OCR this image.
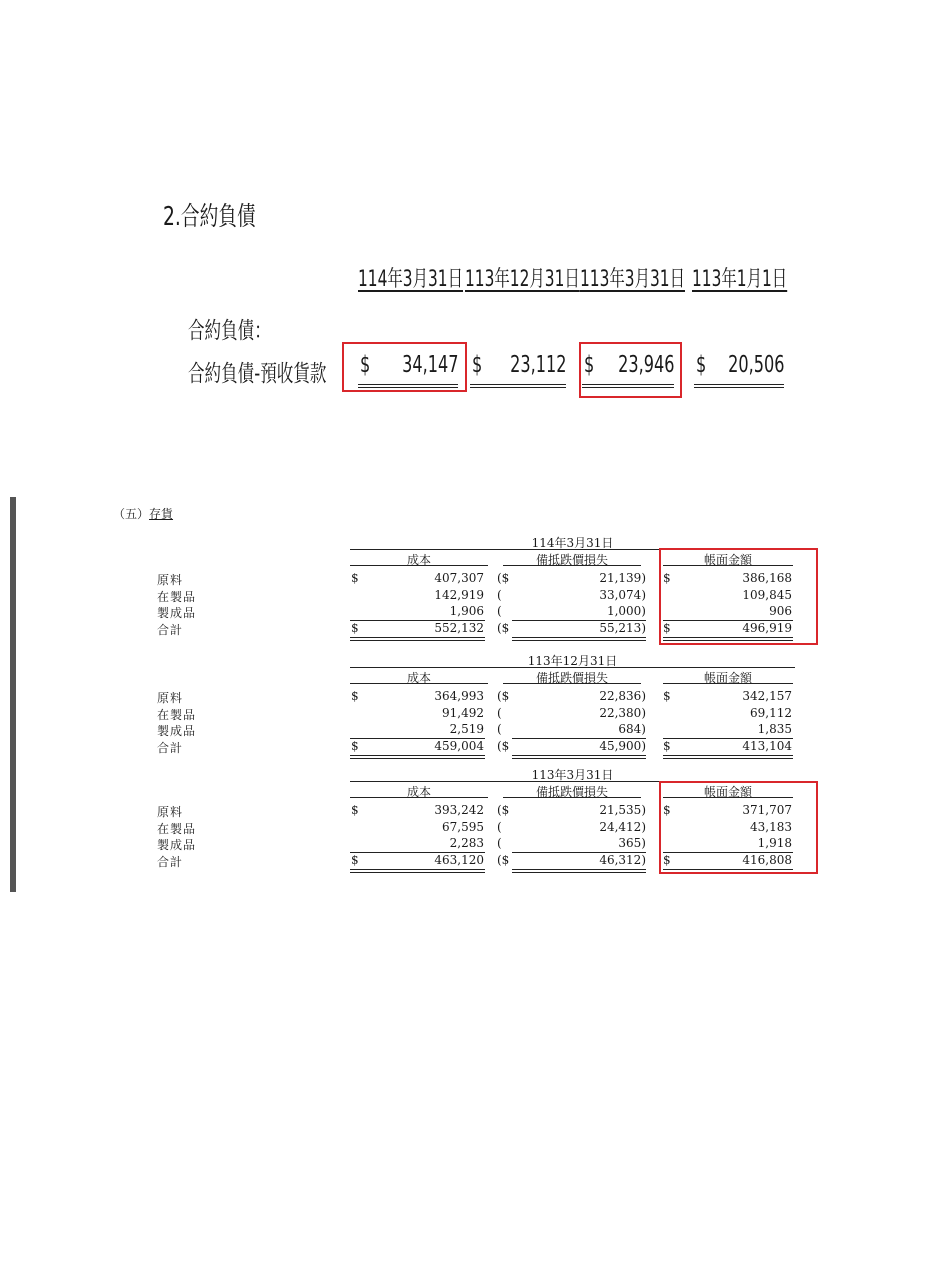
2.合約負債
114年3月31日 113年12月31日 113年3月31日 113年1月1日
合約負債：
合約負債-預收貨款 $ 34,147 $ 23,112 $ 23,946 $ 20,506
（五）存貨
114年3月31日
成本	備抵跌價損失	帳面金額
原料	$	407,307 ($	21,139) $	386,168
在製品	142,919 (	33,074)	109,845
製成品	1,906 (	1,000)	906
合計	$	552,132 ($	55,213) $	496,919
113年12月31日
成本	備抵跌價損失	帳面金額
原料	$	364,993 ($	22,836) $	342,157
在製品	91,492 (	22,380)	69,112
製成品	2,519 (	684)	1,835
合計	$	459,004 ($	45,900) $	413,104
113年3月31日
成本	備抵跌價損失	帳面金額
原料	$	393,242 ($	21,535) $	371,707
在製品	67,595 (	24,412)	43,183
製成品	2,283 (	365)	1,918
合計	$	463,120 ($	46,312) $	416,808
